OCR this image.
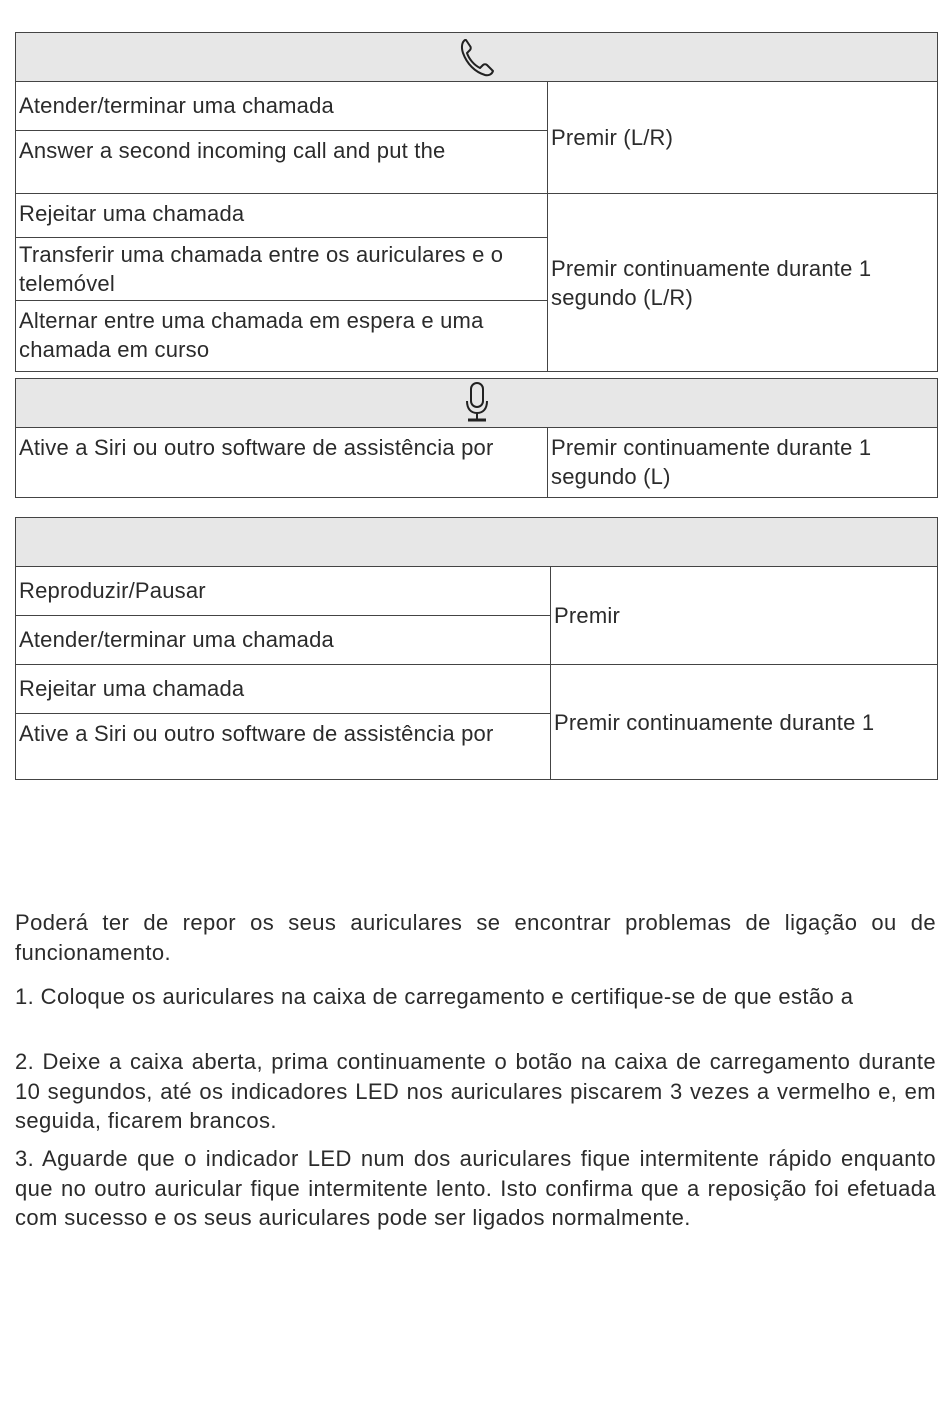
Atender/terminar uma chamada	Premir (L/R)
Answer a second incoming call and put the	
Rejeitar uma chamada	Premir continuamente durante 1 segundo (L/R)
Transferir uma chamada entre os auriculares e o telemóvel	
Alternar entre uma chamada em espera e uma chamada em curso	

Ative a Siri ou outro software de assistência por	Premir continuamente durante 1 segundo (L)

Reproduzir/Pausar	Premir
Atender/terminar uma chamada	
Rejeitar uma chamada	Premir continuamente durante 1
Ative a Siri ou outro software de assistência por	

Poderá ter de repor os seus auriculares se encontrar problemas de ligação ou de funcionamento.

1. Coloque os auriculares na caixa de carregamento e certifique-se de que estão a

2. Deixe a caixa aberta, prima continuamente o botão na caixa de carregamento durante 10 segundos, até os indicadores LED nos auriculares piscarem 3 vezes a vermelho e, em seguida, ficarem brancos.

3. Aguarde que o indicador LED num dos auriculares fique intermitente rápido enquanto que no outro auricular fique intermitente lento. Isto confirma que a reposição foi efetuada com sucesso e os seus auriculares pode ser ligados normalmente.
